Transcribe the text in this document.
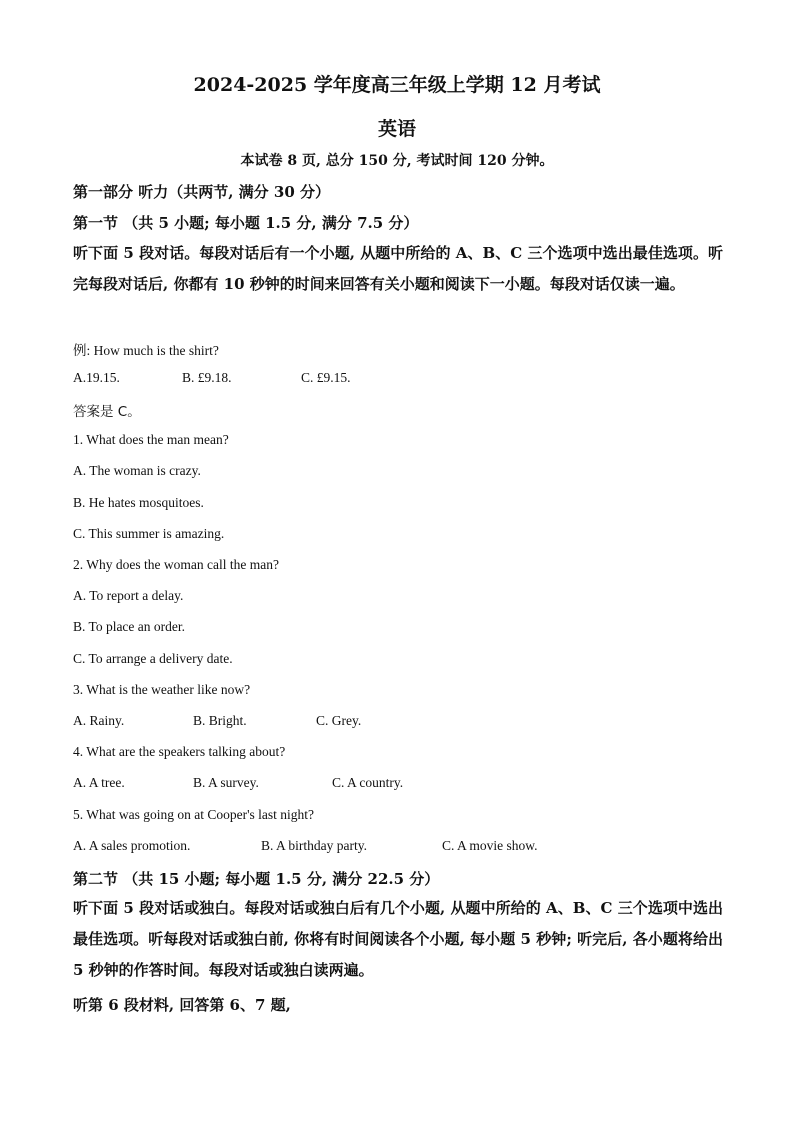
2024-2025 学年度高三年级上学期 12 月考试
英语
本试卷 8 页, 总分 150 分, 考试时间 120 分钟。
第一部分 听力（共两节, 满分 30 分）
第一节 （共 5 小题; 每小题 1.5 分, 满分 7.5 分）
听下面 5 段对话。每段对话后有一个小题, 从题中所给的 A、B、C 三个选项中选出最佳选项。听完每段对话后, 你都有 10 秒钟的时间来回答有关小题和阅读下一小题。每段对话仅读一遍。
例: How much is the shirt?
A.19.15.	B. £9.18.	C. £9.15.
答案是 C。
1. What does the man mean?
A. The woman is crazy.
B. He hates mosquitoes.
C. This summer is amazing.
2. Why does the woman call the man?
A. To report a delay.
B. To place an order.
C. To arrange a delivery date.
3. What is the weather like now?
A. Rainy.	B. Bright.	C. Grey.
4. What are the speakers talking about?
A. A tree.	B. A survey.	C. A country.
5. What was going on at Cooper's last night?
A. A sales promotion.	B. A birthday party.	C. A movie show.
第二节 （共 15 小题; 每小题 1.5 分, 满分 22.5 分）
听下面 5 段对话或独白。每段对话或独白后有几个小题, 从题中所给的 A、B、C 三个选项中选出最佳选项。听每段对话或独白前, 你将有时间阅读各个小题, 每小题 5 秒钟; 听完后, 各小题将给出 5 秒钟的作答时间。每段对话或独白读两遍。
听第 6 段材料, 回答第 6、7 题,
